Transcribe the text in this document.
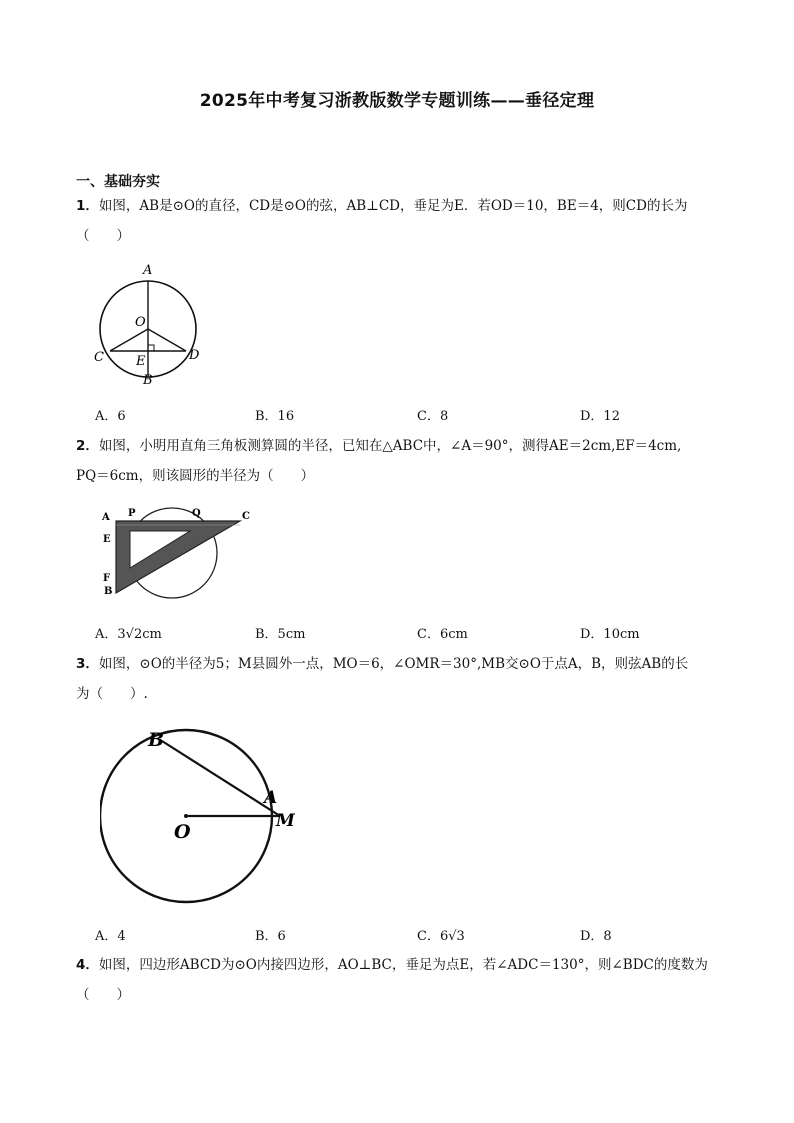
2025年中考复习浙教版数学专题训练——垂径定理
一、基础夯实
1．如图，AB是⊙O的直径，CD是⊙O的弦，AB⊥CD，垂足为E．若OD＝10，BE＝4，则CD的长为
（　　）
A
O
C E	D
B
A．6	B．16	C．8	D．12
2．如图，小明用直角三角板测算圆的半径，已知在△ABC中，∠A＝90°，测得AE＝2cm,EF＝4cm,
PQ＝6cm，则该圆形的半径为（　　）
A P	Q	C
E
F
B
A．3√2cm	B．5cm	C．6cm	D．10cm
3．如图，⊙O的半径为5；M县圆外一点，MO＝6，∠OMR＝30°,MB交⊙O于点A，B，则弦AB的长
为（　　）.
B
A
O	M
A．4	B．6	C．6√3	D．8
4．如图，四边形ABCD为⊙O内接四边形，AO⊥BC，垂足为点E，若∠ADC＝130°，则∠BDC的度数为
（　　）
